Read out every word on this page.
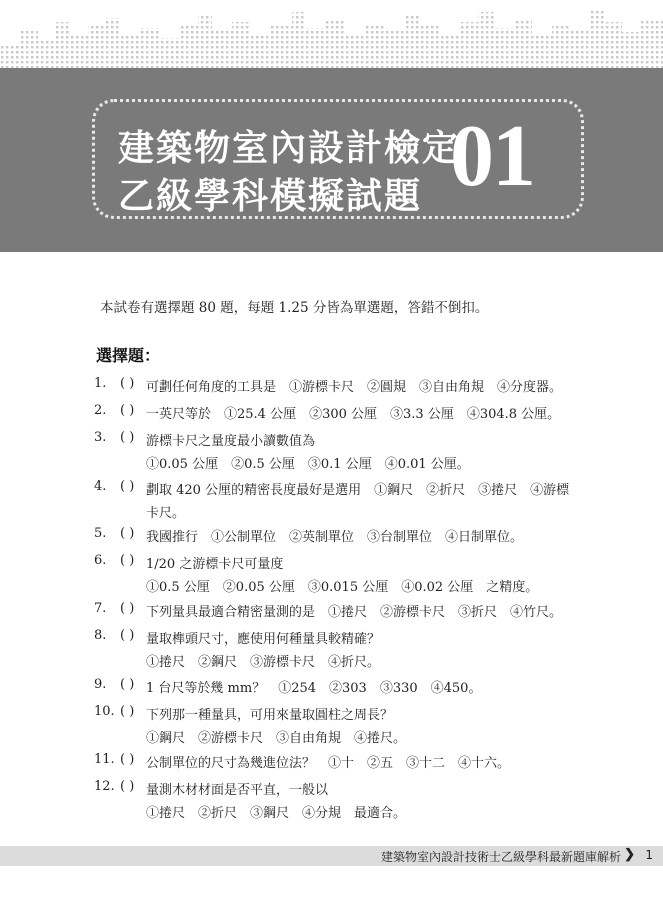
建築物室內設計檢定
乙級學科模擬試題 01
本試卷有選擇題 80 題，每題 1.25 分皆為單選題，答錯不倒扣。
選擇題：
1. ( ) 可劃任何角度的工具是　①游標卡尺　②圓規　③自由角規　④分度器。
2. ( ) 一英尺等於　①25.4 公厘　②300 公厘　③3.3 公厘　④304.8 公厘。
3. ( ) 游標卡尺之量度最小讀數值為
①0.05 公厘　②0.5 公厘　③0.1 公厘　④0.01 公厘。
4. ( ) 劃取 420 公厘的精密長度最好是選用　①鋼尺　②折尺　③捲尺　④游標
卡尺。
5. ( ) 我國推行　①公制單位　②英制單位　③台制單位　④日制單位。
6. ( ) 1/20 之游標卡尺可量度
①0.5 公厘　②0.05 公厘　③0.015 公厘　④0.02 公厘　之精度。
7. ( ) 下列量具最適合精密量測的是　①捲尺　②游標卡尺　③折尺　④竹尺。
8. ( ) 量取榫頭尺寸，應使用何種量具較精確？
①捲尺　②鋼尺　③游標卡尺　④折尺。
9. ( ) 1 台尺等於幾 mm？　①254　②303　③330　④450。
10. ( ) 下列那一種量具，可用來量取圓柱之周長？
①鋼尺　②游標卡尺　③自由角規　④捲尺。
11. ( ) 公制單位的尺寸為幾進位法？　①十　②五　③十二　④十六。
12. ( ) 量測木材材面是否平直，一般以
①捲尺　②折尺　③鋼尺　④分規　最適合。
建築物室內設計技術士乙級學科最新題庫解析 ❯ 1
